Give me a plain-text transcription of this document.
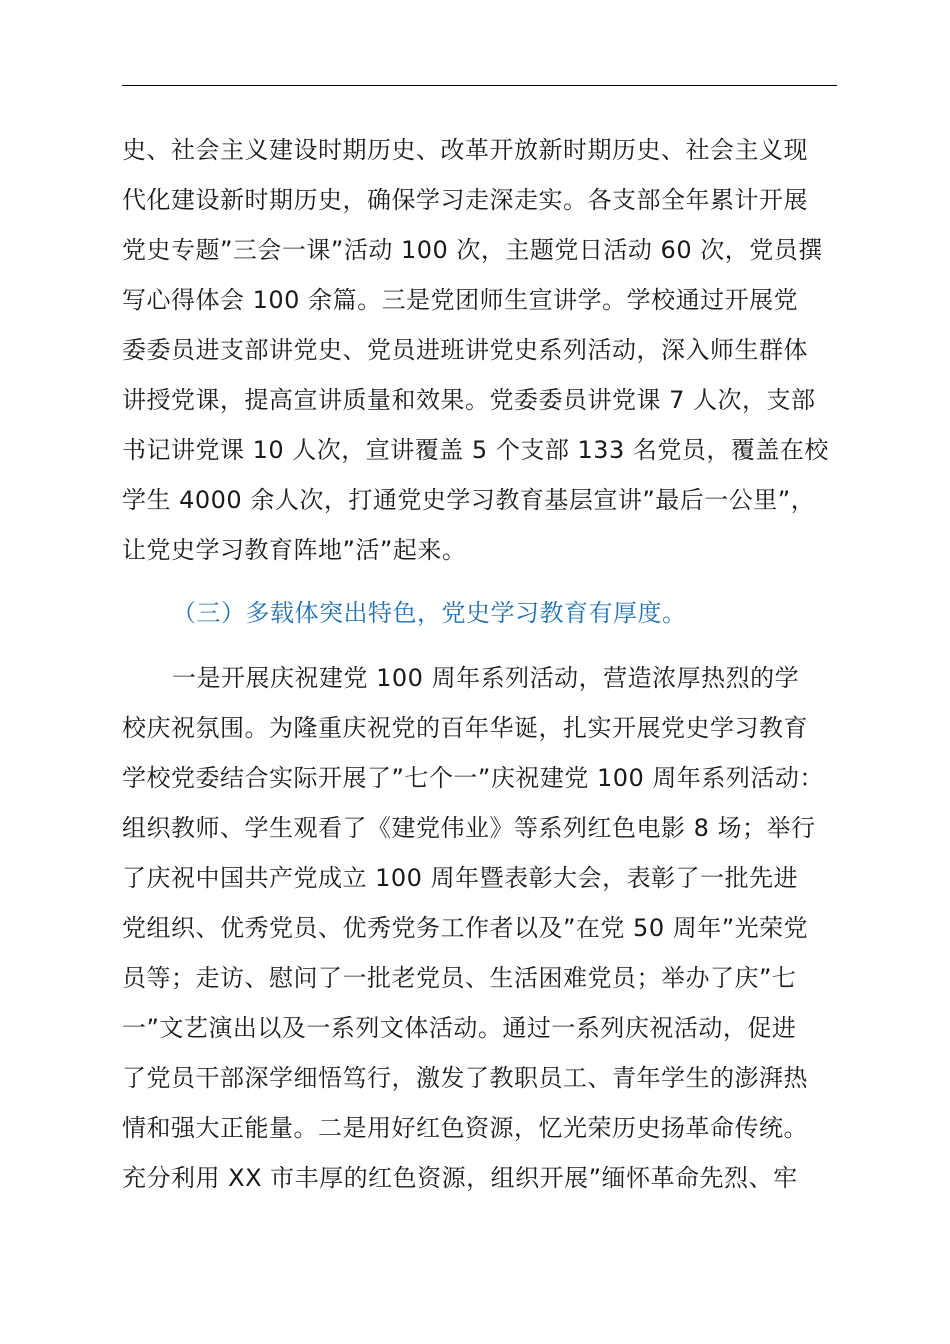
史、社会主义建设时期历史、改革开放新时期历史、社会主义现
代化建设新时期历史，确保学习走深走实。各支部全年累计开展
党史专题”三会一课”活动 100 次，主题党日活动 60 次，党员撰
写心得体会 100 余篇。三是党团师生宣讲学。学校通过开展党
委委员进支部讲党史、党员进班讲党史系列活动，深入师生群体
讲授党课，提高宣讲质量和效果。党委委员讲党课 7 人次，支部
书记讲党课 10 人次，宣讲覆盖 5 个支部 133 名党员，覆盖在校
学生 4000 余人次，打通党史学习教育基层宣讲”最后一公里”，
让党史学习教育阵地”活”起来。
（三）多载体突出特色，党史学习教育有厚度。
一是开展庆祝建党 100 周年系列活动，营造浓厚热烈的学
校庆祝氛围。为隆重庆祝党的百年华诞，扎实开展党史学习教育
学校党委结合实际开展了”七个一”庆祝建党 100 周年系列活动：
组织教师、学生观看了《建党伟业》等系列红色电影 8 场；举行
了庆祝中国共产党成立 100 周年暨表彰大会，表彰了一批先进
党组织、优秀党员、优秀党务工作者以及”在党 50 周年”光荣党
员等；走访、慰问了一批老党员、生活困难党员；举办了庆”七
一”文艺演出以及一系列文体活动。通过一系列庆祝活动，促进
了党员干部深学细悟笃行，激发了教职员工、青年学生的澎湃热
情和强大正能量。二是用好红色资源，忆光荣历史扬革命传统。
充分利用 XX 市丰厚的红色资源，组织开展”缅怀革命先烈、牢
